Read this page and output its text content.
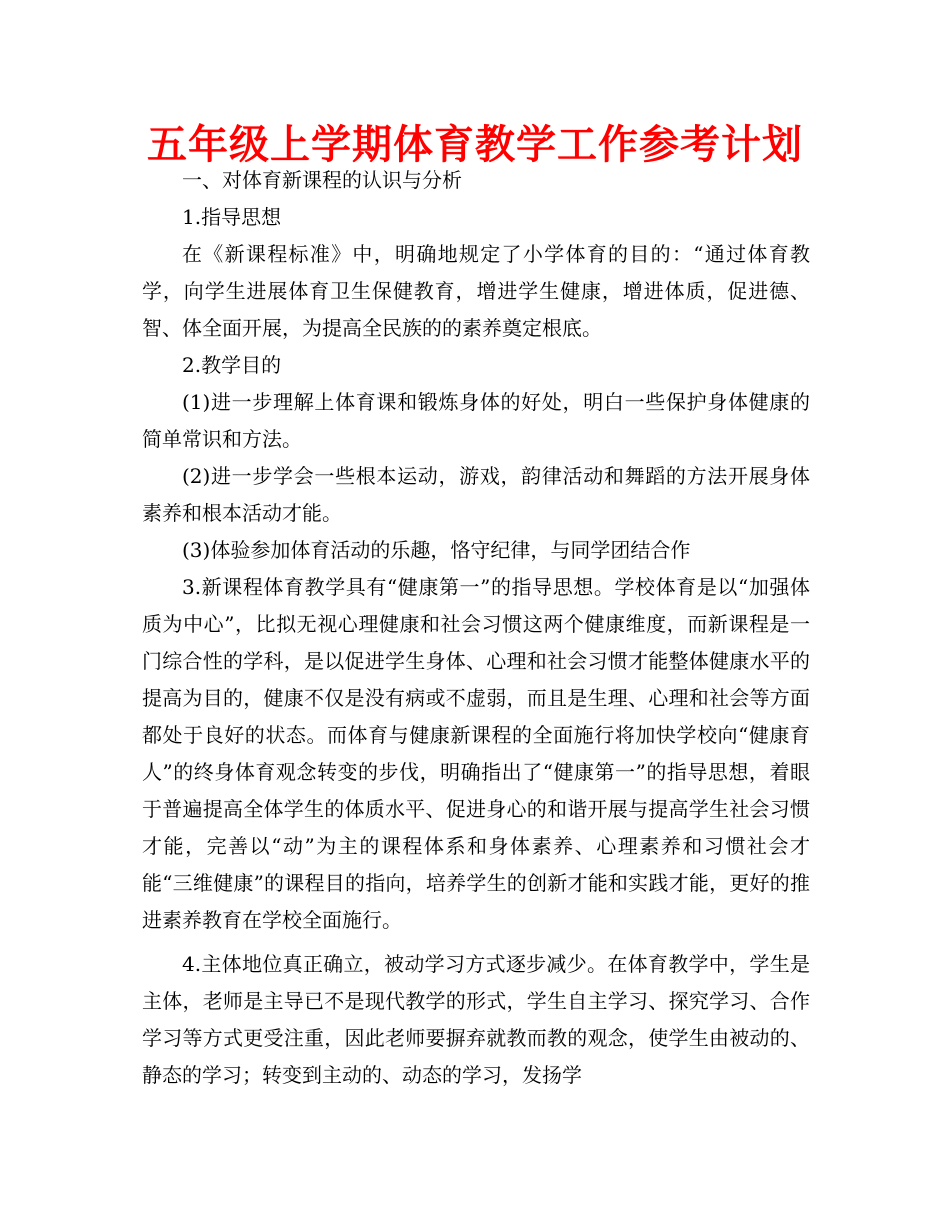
五年级上学期体育教学工作参考计划

一、对体育新课程的认识与分析

1.指导思想

在《新课程标准》中，明确地规定了小学体育的目的：“通过体育教学，向学生进展体育卫生保健教育，增进学生健康，增进体质，促进德、智、体全面开展，为提高全民族的的素养奠定根底。

2.教学目的

(1)进一步理解上体育课和锻炼身体的好处，明白一些保护身体健康的简单常识和方法。

(2)进一步学会一些根本运动，游戏，韵律活动和舞蹈的方法开展身体素养和根本活动才能。

(3)体验参加体育活动的乐趣，恪守纪律，与同学团结合作

3.新课程体育教学具有“健康第一”的指导思想。学校体育是以“加强体质为中心”，比拟无视心理健康和社会习惯这两个健康维度，而新课程是一门综合性的学科，是以促进学生身体、心理和社会习惯才能整体健康水平的提高为目的，健康不仅是没有病或不虚弱，而且是生理、心理和社会等方面都处于良好的状态。而体育与健康新课程的全面施行将加快学校向“健康育人”的终身体育观念转变的步伐，明确指出了“健康第一”的指导思想，着眼于普遍提高全体学生的体质水平、促进身心的和谐开展与提高学生社会习惯才能，完善以“动”为主的课程体系和身体素养、心理素养和习惯社会才能“三维健康”的课程目的指向，培养学生的创新才能和实践才能，更好的推进素养教育在学校全面施行。

4.主体地位真正确立，被动学习方式逐步减少。在体育教学中，学生是主体，老师是主导已不是现代教学的形式，学生自主学习、探究学习、合作学习等方式更受注重，因此老师要摒弃就教而教的观念，使学生由被动的、静态的学习；转变到主动的、动态的学习，发扬学
